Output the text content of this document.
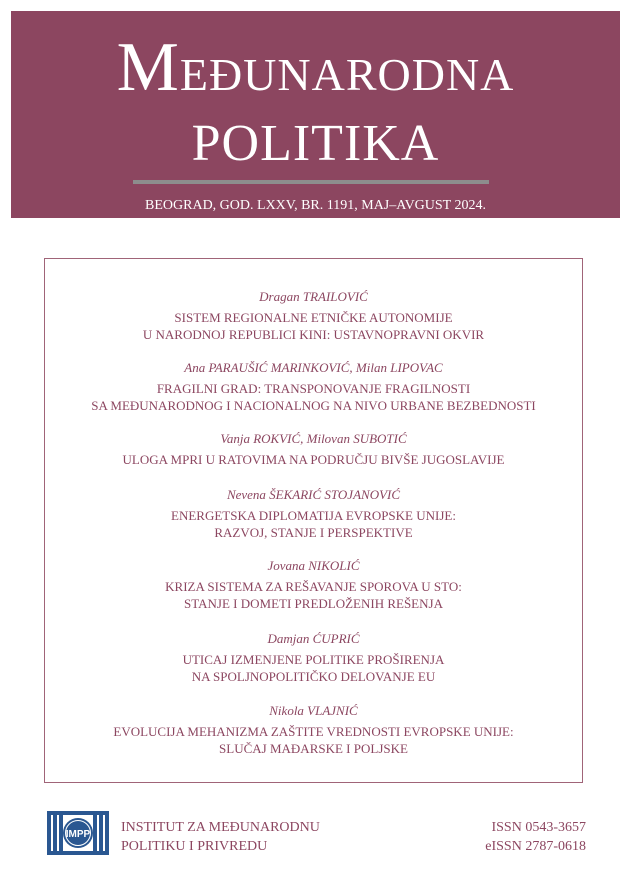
MEĐUNARODNA
POLITIKA
BEOGRAD, GOD. LXXV, BR. 1191, MAJ–AVGUST 2024.
Dragan TRAILOVIĆ
SISTEM REGIONALNE ETNIČKE AUTONOMIJE
U NARODNOJ REPUBLICI KINI: USTAVNOPRAVNI OKVIR
Ana PARAUŠIĆ MARINKOVIĆ, Milan LIPOVAC
FRAGILNI GRAD: TRANSPONOVANJE FRAGILNOSTI
SA MEĐUNARODNOG I NACIONALNOG NA NIVO URBANE BEZBEDNOSTI
Vanja ROKVIĆ, Milovan SUBOTIĆ
ULOGA MPRI U RATOVIMA NA PODRUČJU BIVŠE JUGOSLAVIJE
Nevena ŠEKARIĆ STOJANOVIĆ
ENERGETSKA DIPLOMATIJA EVROPSKE UNIJE:
RAZVOJ, STANJE I PERSPEKTIVE
Jovana NIKOLIĆ
KRIZA SISTEMA ZA REŠAVANJE SPOROVA U STO:
STANJE I DOMETI PREDLOŽENIH REŠENJA
Damjan ĆUPRIĆ
UTICAJ IZMENJENE POLITIKE PROŠIRENJA
NA SPOLJNOPOLITIČKO DELOVANJE EU
Nikola VLAJNIĆ
EVOLUCIJA MEHANIZMA ZAŠTITE VREDNOSTI EVROPSKE UNIJE:
SLUČAJ MAĐARSKE I POLJSKE
IMPP INSTITUT ZA MEĐUNARODNU
POLITIKU I PRIVREDU
ISSN 0543-3657
eISSN 2787-0618
